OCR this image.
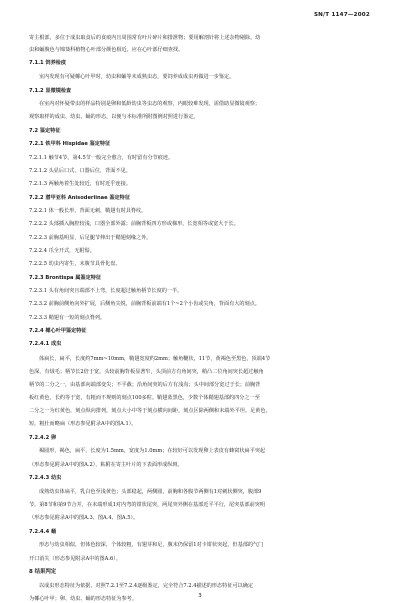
SN/T 1147—2002
寄主根部，多位于成虫取食后的食痕内且周围常有叶片碎片和排泄物；要用解剖针将上述杂物剔除。幼
虫和蛹腹色与锦葵科植物心叶部分颜色相近，应在心叶部仔细查找。
7.1.1 饲养检疫
室内发现有可疑椰心叶甲时，幼虫和蛹等未成熟虫态，要饲养成成虫再做进一步鉴定。
7.1.2 显微镜检查
在室内对怀疑带虫的样品特别是卵和低龄幼虫等虫态的观察，内眼较难发现，需借助显微镜观察；
观察取样的成虫、幼虫、蛹的形态，以便与本标准所附图例对照进行鉴定。
7.2 鉴定特征
7.2.1 铁甲科 Hispidae 鉴定特征
7.2.1.1 触节4节，第4.5节一般完全愈合，有时留有分节痕迹。
7.2.1.2 头显后口式，口器后位，背面不见。
7.2.1.3 两触角着生处较近，有时近乎连接。
7.2.2 潜甲亚科 Anisoderiinae 鉴定特征
7.2.2.1 体一般长形，背面无刺，鞘翅有时具脊纹。
7.2.2.2 头部插入胸腔较浅，口器全部外露；前胸背板四方形或梯形，长宽相等或宽大于长。
7.2.2.3 前胸基明显，后足腿节伸出于鞘翅刻缘之外。
7.2.2.4 爪全开式，无附鬃。
7.2.2.5 幼虫内寄生，末腹节具骨化盘。
7.2.3 Brontispa 属鉴定特征
7.2.3.1 头有角间突且端部不上弯，长度超过触角柄节长度的一半。
7.2.3.2 前胸前侧角向外扩展，后侧角尖锐，前胸背板前端有1个~2个小齿或尖角，背面有大的刻点。
7.2.3.3 鞘翅有一短的刻点脊列。
7.2.4 椰心叶甲鉴定特征
7.2.4.1 成虫
体扁长，扁平，长度约7mm~10mm，鞘翅宽度约2mm；触角鞭状，11节，黄褐色至黑色，顶端4节
色深，有绒毛；柄节长2倍于宽。头较前胸背板显著窄，头顶前方有角间突，稍凸二位角间突长超过触角
柄节的二分之一，由基部向端部变尖；不平截；沿角间突的后方有浅沟；头中间部分宽过于长；前胸背
板红黄色，长约等于宽，有粗而不规则的刻点100多粒。鞘翅蓝黑色，少数个体鞘翅基部约四分之一至
二分之一为红黄色，刻点纵向排列，刻点大小中等于刻点横向间距，刻点区除两侧和末端外平坦。足黄色，
短，粗壮而略扁（形态参见附录A中的图A.1）。
7.2.4.2 卵
褐圆形，褐色，扁平，长度为1.5mm，宽度为1.0mm；在较好可以发现卵上表皮有蜂窝状扁平突起
（形态参见附录A中的图A.2），粘附在寄主叶片的下表面形成纵斑。
7.2.4.3 幼虫
成熟幼虫体扁平，乳白色至浅黄色；头部稳起，两侧圆，前胸和各腹节两侧有1对刺状侧突，腹部9
节，第8节和第9节合并，在末端形成1对内弯的钳状尾突，两尾突外侧在基部近平平行，尾突基部前突明
（形态参见附录A中的图A.3、图A.4、图A.5）。
7.2.4.4 蛹
形态与幼虫相似，但体色较深，个体较粗，有翅芽和足，腹末仍保留1对卡钳状突起，但基部的气门
开口消失（形态参见附录A中的图A.6）。
8 结果判定
以成虫形态特征为依据，对照7.2.1至7.2.4逐级鉴定，完全符合7.2.4描述的形态特征可以确定
为椰心叶甲；卵、幼虫、蛹的形态特征为参考。	3
